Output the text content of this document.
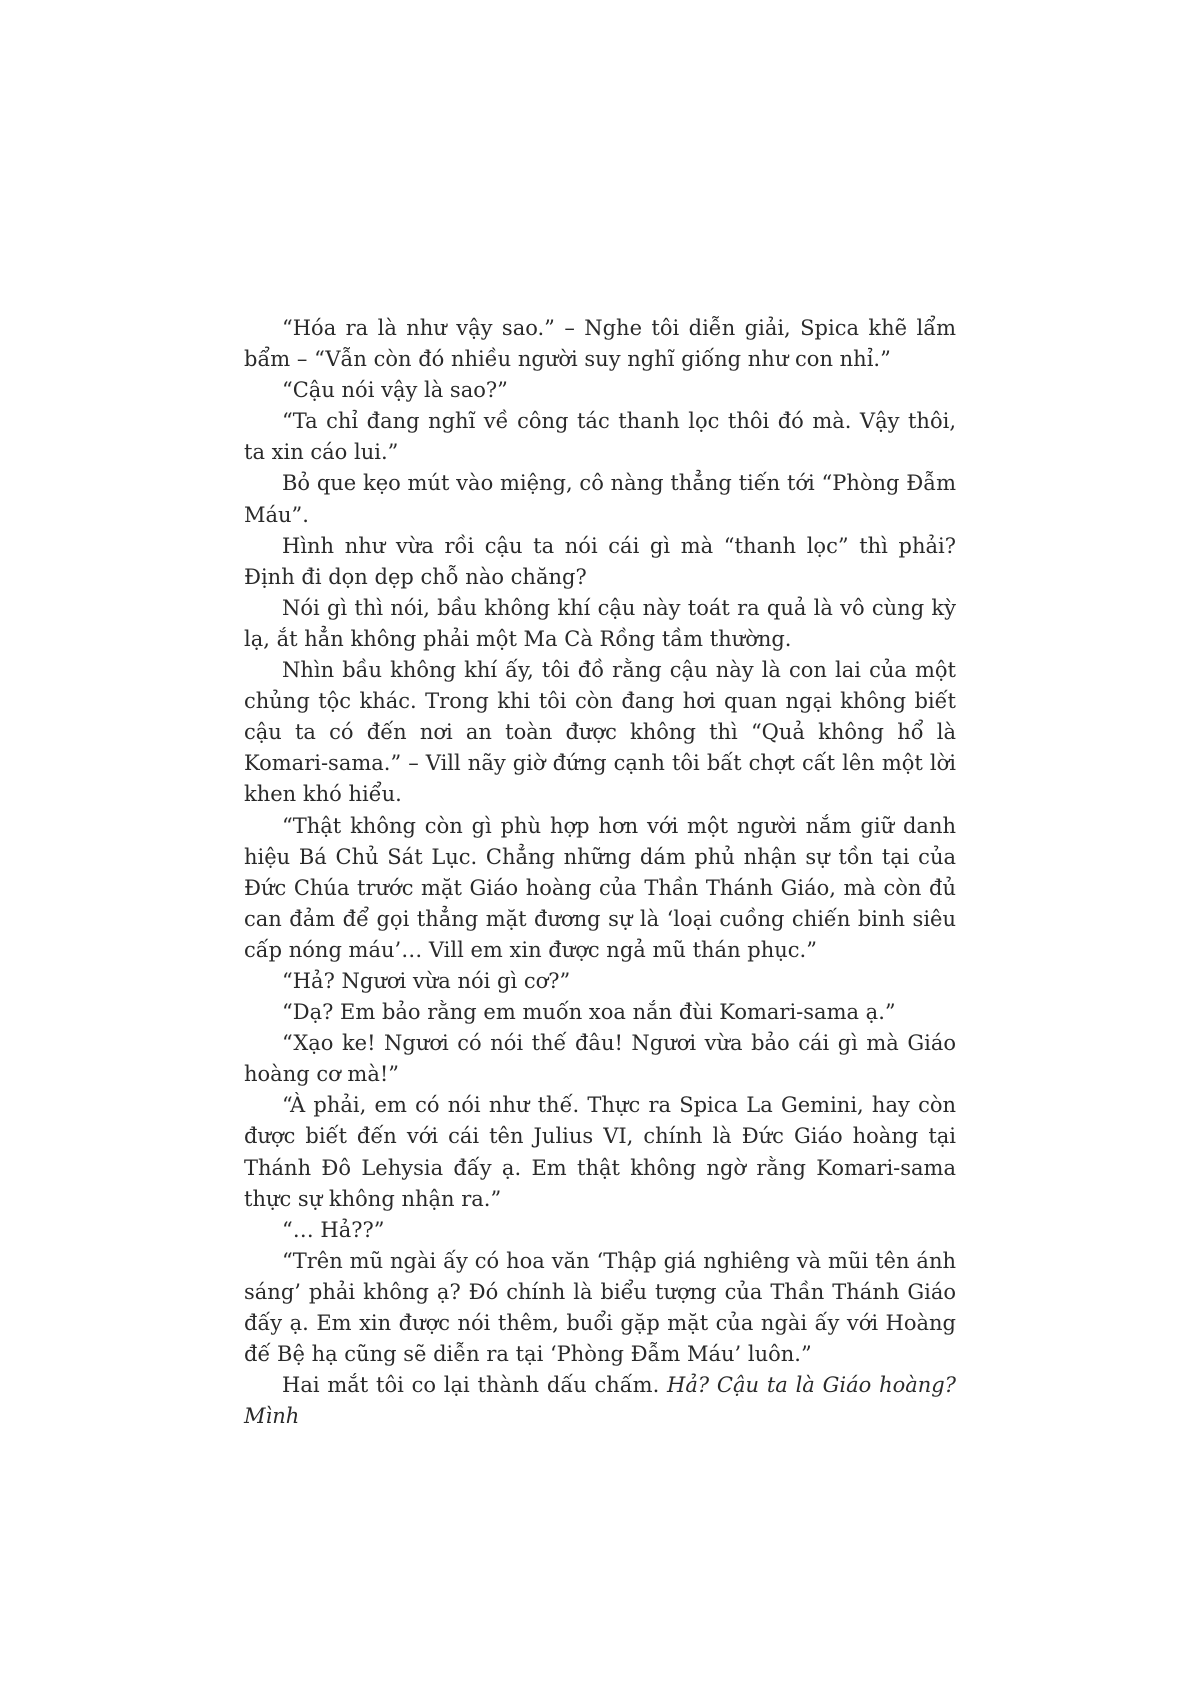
“Hóa ra là như vậy sao.” – Nghe tôi diễn giải, Spica khẽ lẩm bẩm – “Vẫn còn đó nhiều người suy nghĩ giống như con nhỉ.”

“Cậu nói vậy là sao?”

“Ta chỉ đang nghĩ về công tác thanh lọc thôi đó mà. Vậy thôi, ta xin cáo lui.”

Bỏ que kẹo mút vào miệng, cô nàng thẳng tiến tới “Phòng Đẫm Máu”.

Hình như vừa rồi cậu ta nói cái gì mà “thanh lọc” thì phải? Định đi dọn dẹp chỗ nào chăng?

Nói gì thì nói, bầu không khí cậu này toát ra quả là vô cùng kỳ lạ, ắt hẳn không phải một Ma Cà Rồng tầm thường.

Nhìn bầu không khí ấy, tôi đồ rằng cậu này là con lai của một chủng tộc khác. Trong khi tôi còn đang hơi quan ngại không biết cậu ta có đến nơi an toàn được không thì “Quả không hổ là Komari-sama.” – Vill nãy giờ đứng cạnh tôi bất chợt cất lên một lời khen khó hiểu.

“Thật không còn gì phù hợp hơn với một người nắm giữ danh hiệu Bá Chủ Sát Lục. Chẳng những dám phủ nhận sự tồn tại của Đức Chúa trước mặt Giáo hoàng của Thần Thánh Giáo, mà còn đủ can đảm để gọi thẳng mặt đương sự là ‘loại cuồng chiến binh siêu cấp nóng máu’… Vill em xin được ngả mũ thán phục.”

“Hả? Ngươi vừa nói gì cơ?”

“Dạ? Em bảo rằng em muốn xoa nắn đùi Komari-sama ạ.”

“Xạo ke! Ngươi có nói thế đâu! Ngươi vừa bảo cái gì mà Giáo hoàng cơ mà!”

“À phải, em có nói như thế. Thực ra Spica La Gemini, hay còn được biết đến với cái tên Julius VI, chính là Đức Giáo hoàng tại Thánh Đô Lehysia đấy ạ. Em thật không ngờ rằng Komari-sama thực sự không nhận ra.”

“… Hả??”

“Trên mũ ngài ấy có hoa văn ‘Thập giá nghiêng và mũi tên ánh sáng’ phải không ạ? Đó chính là biểu tượng của Thần Thánh Giáo đấy ạ. Em xin được nói thêm, buổi gặp mặt của ngài ấy với Hoàng đế Bệ hạ cũng sẽ diễn ra tại ‘Phòng Đẫm Máu’ luôn.”

Hai mắt tôi co lại thành dấu chấm. Hả? Cậu ta là Giáo hoàng? Mình
